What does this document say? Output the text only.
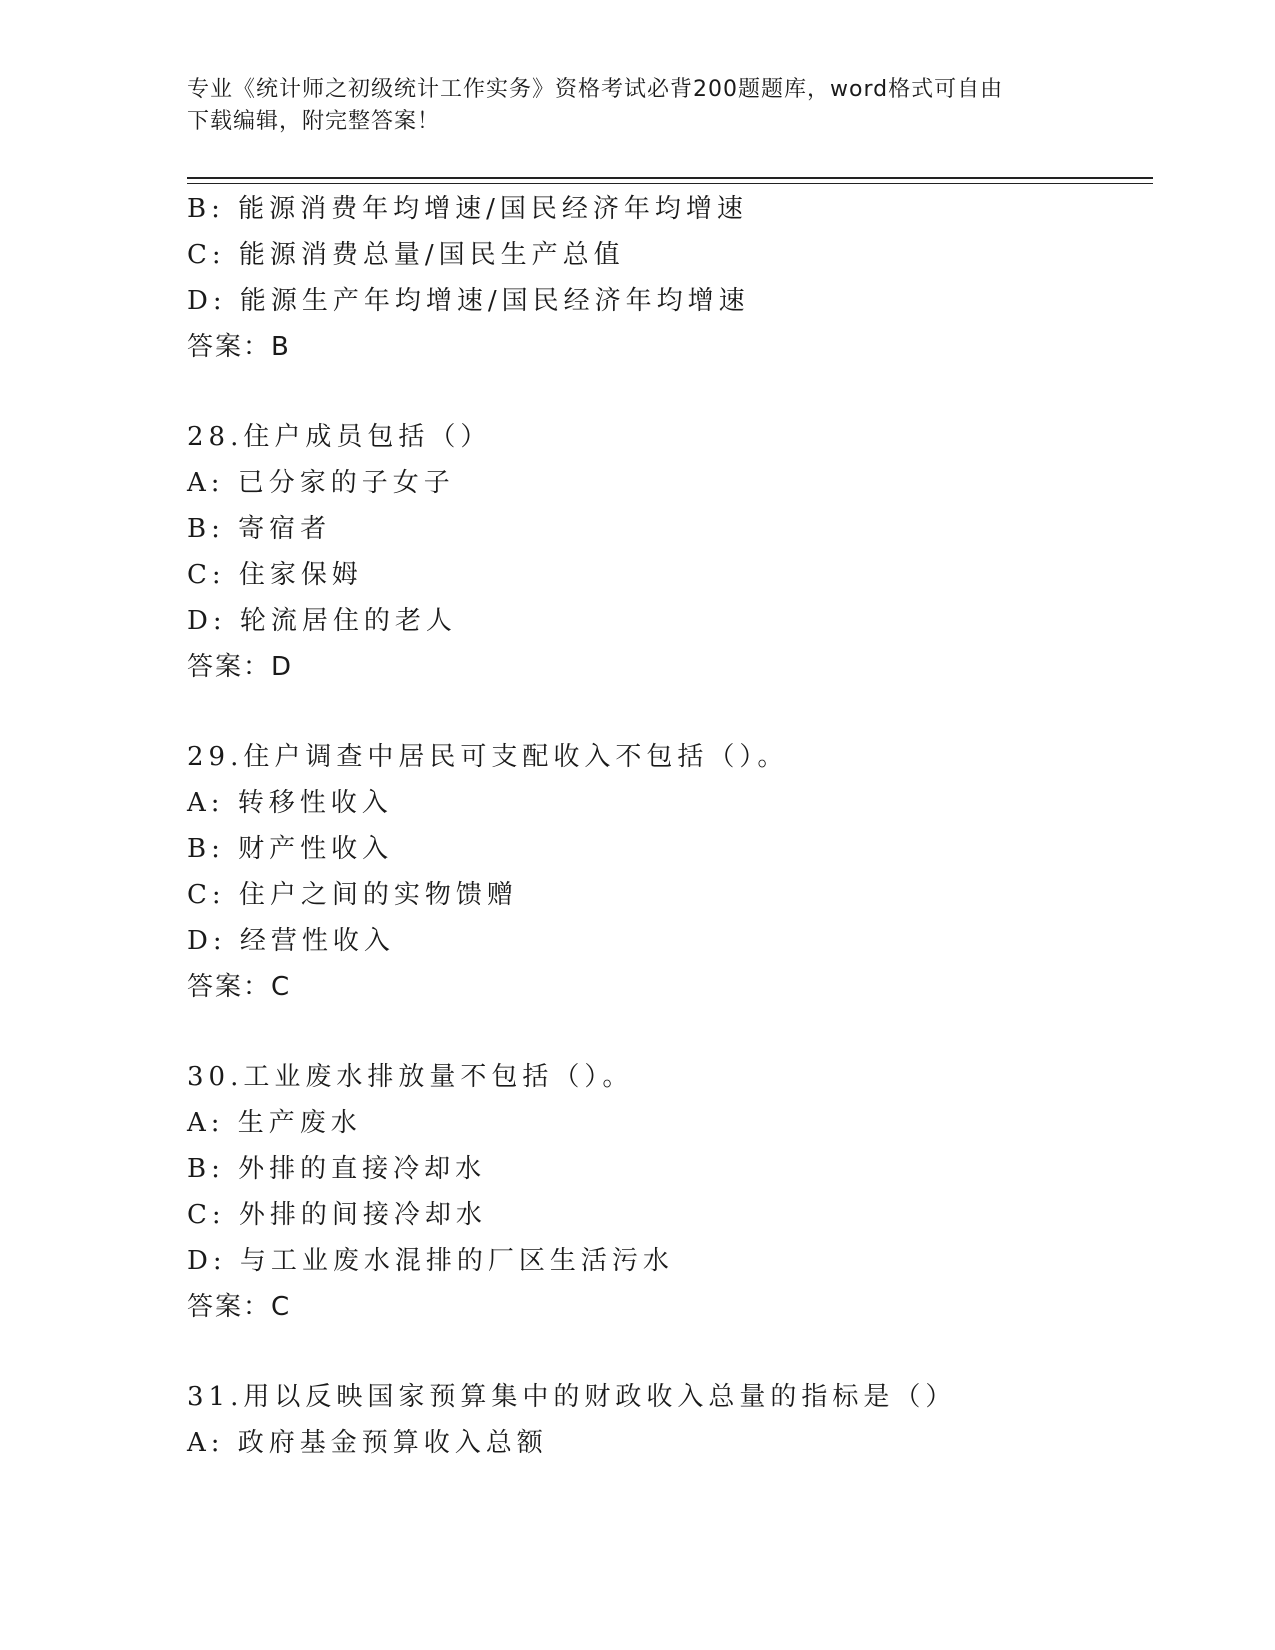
专业《统计师之初级统计工作实务》资格考试必背200题题库，word格式可自由
下载编辑，附完整答案！
B: 能源消费年均增速/国民经济年均增速
C: 能源消费总量/国民生产总值
D: 能源生产年均增速/国民经济年均增速
答案：B
28.住户成员包括（）
A: 已分家的子女子
B: 寄宿者
C: 住家保姆
D: 轮流居住的老人
答案：D
29.住户调查中居民可支配收入不包括（）。
A: 转移性收入
B: 财产性收入
C: 住户之间的实物馈赠
D: 经营性收入
答案：C
30.工业废水排放量不包括（）。
A: 生产废水
B: 外排的直接冷却水
C: 外排的间接冷却水
D: 与工业废水混排的厂区生活污水
答案：C
31.用以反映国家预算集中的财政收入总量的指标是（）
A: 政府基金预算收入总额
